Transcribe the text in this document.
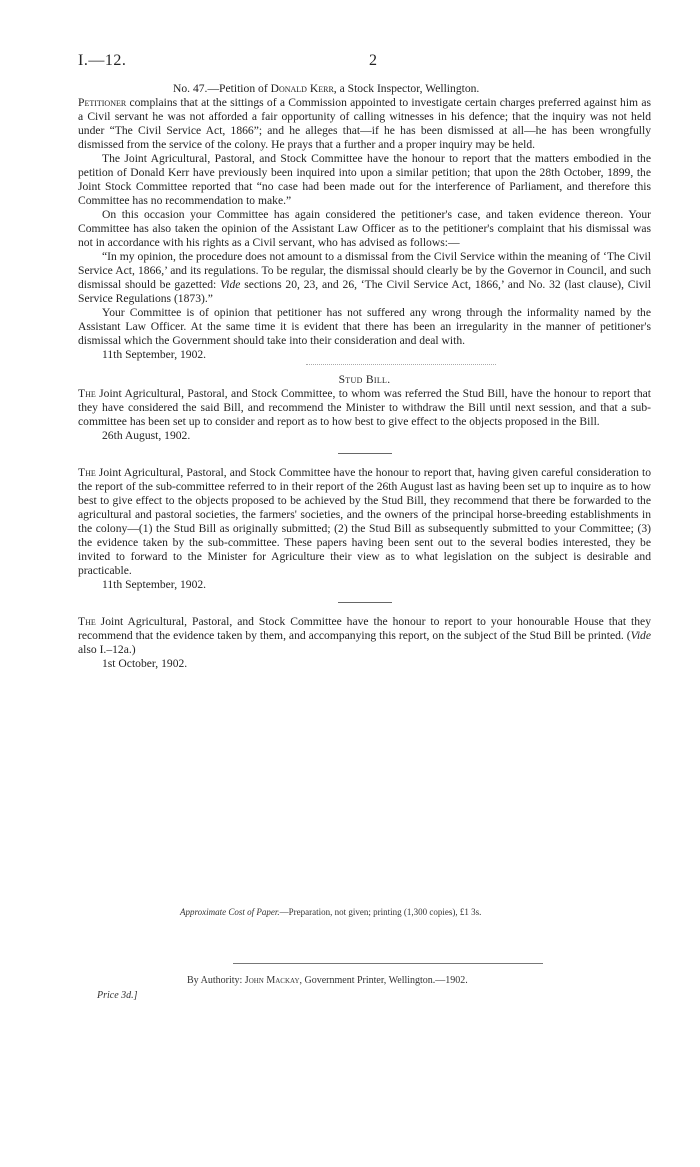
I.—12.	2

No. 47.—Petition of Donald Kerr, a Stock Inspector, Wellington.

Petitioner complains that at the sittings of a Commission appointed to investigate certain charges preferred against him as a Civil servant he was not afforded a fair opportunity of calling witnesses in his defence; that the inquiry was not held under “The Civil Service Act, 1866”; and he alleges that—if he has been dismissed at all—he has been wrongfully dismissed from the service of the colony. He prays that a further and a proper inquiry may be held.

The Joint Agricultural, Pastoral, and Stock Committee have the honour to report that the matters embodied in the petition of Donald Kerr have previously been inquired into upon a similar petition; that upon the 28th October, 1899, the Joint Stock Committee reported that “no case had been made out for the interference of Parliament, and therefore this Committee has no recommendation to make.”

On this occasion your Committee has again considered the petitioner's case, and taken evidence thereon. Your Committee has also taken the opinion of the Assistant Law Officer as to the petitioner's complaint that his dismissal was not in accordance with his rights as a Civil servant, who has advised as follows:—

“In my opinion, the procedure does not amount to a dismissal from the Civil Service within the meaning of ‘The Civil Service Act, 1866,’ and its regulations. To be regular, the dismissal should clearly be by the Governor in Council, and such dismissal should be gazetted: Vide sections 20, 23, and 26, ‘The Civil Service Act, 1866,’ and No. 32 (last clause), Civil Service Regulations (1873).”

Your Committee is of opinion that petitioner has not suffered any wrong through the informality named by the Assistant Law Officer. At the same time it is evident that there has been an irregularity in the manner of petitioner's dismissal which the Government should take into their consideration and deal with.

11th September, 1902.

Stud Bill.

The Joint Agricultural, Pastoral, and Stock Committee, to whom was referred the Stud Bill, have the honour to report that they have considered the said Bill, and recommend the Minister to withdraw the Bill until next session, and that a sub-committee has been set up to consider and report as to how best to give effect to the objects proposed in the Bill.

26th August, 1902.

The Joint Agricultural, Pastoral, and Stock Committee have the honour to report that, having given careful consideration to the report of the sub-committee referred to in their report of the 26th August last as having been set up to inquire as to how best to give effect to the objects proposed to be achieved by the Stud Bill, they recommend that there be forwarded to the agricultural and pastoral societies, the farmers' societies, and the owners of the principal horse-breeding establishments in the colony—(1) the Stud Bill as originally submitted; (2) the Stud Bill as subsequently submitted to your Committee; (3) the evidence taken by the sub-committee. These papers having been sent out to the several bodies interested, they be invited to forward to the Minister for Agriculture their view as to what legislation on the subject is desirable and practicable.

11th September, 1902.

The Joint Agricultural, Pastoral, and Stock Committee have the honour to report to your honourable House that they recommend that the evidence taken by them, and accompanying this report, on the subject of the Stud Bill be printed. (Vide also I.–12a.)

1st October, 1902.

Approximate Cost of Paper.—Preparation, not given; printing (1,300 copies), £1 3s.
By Authority: John Mackay, Government Printer, Wellington.—1902.
Price 3d.]
